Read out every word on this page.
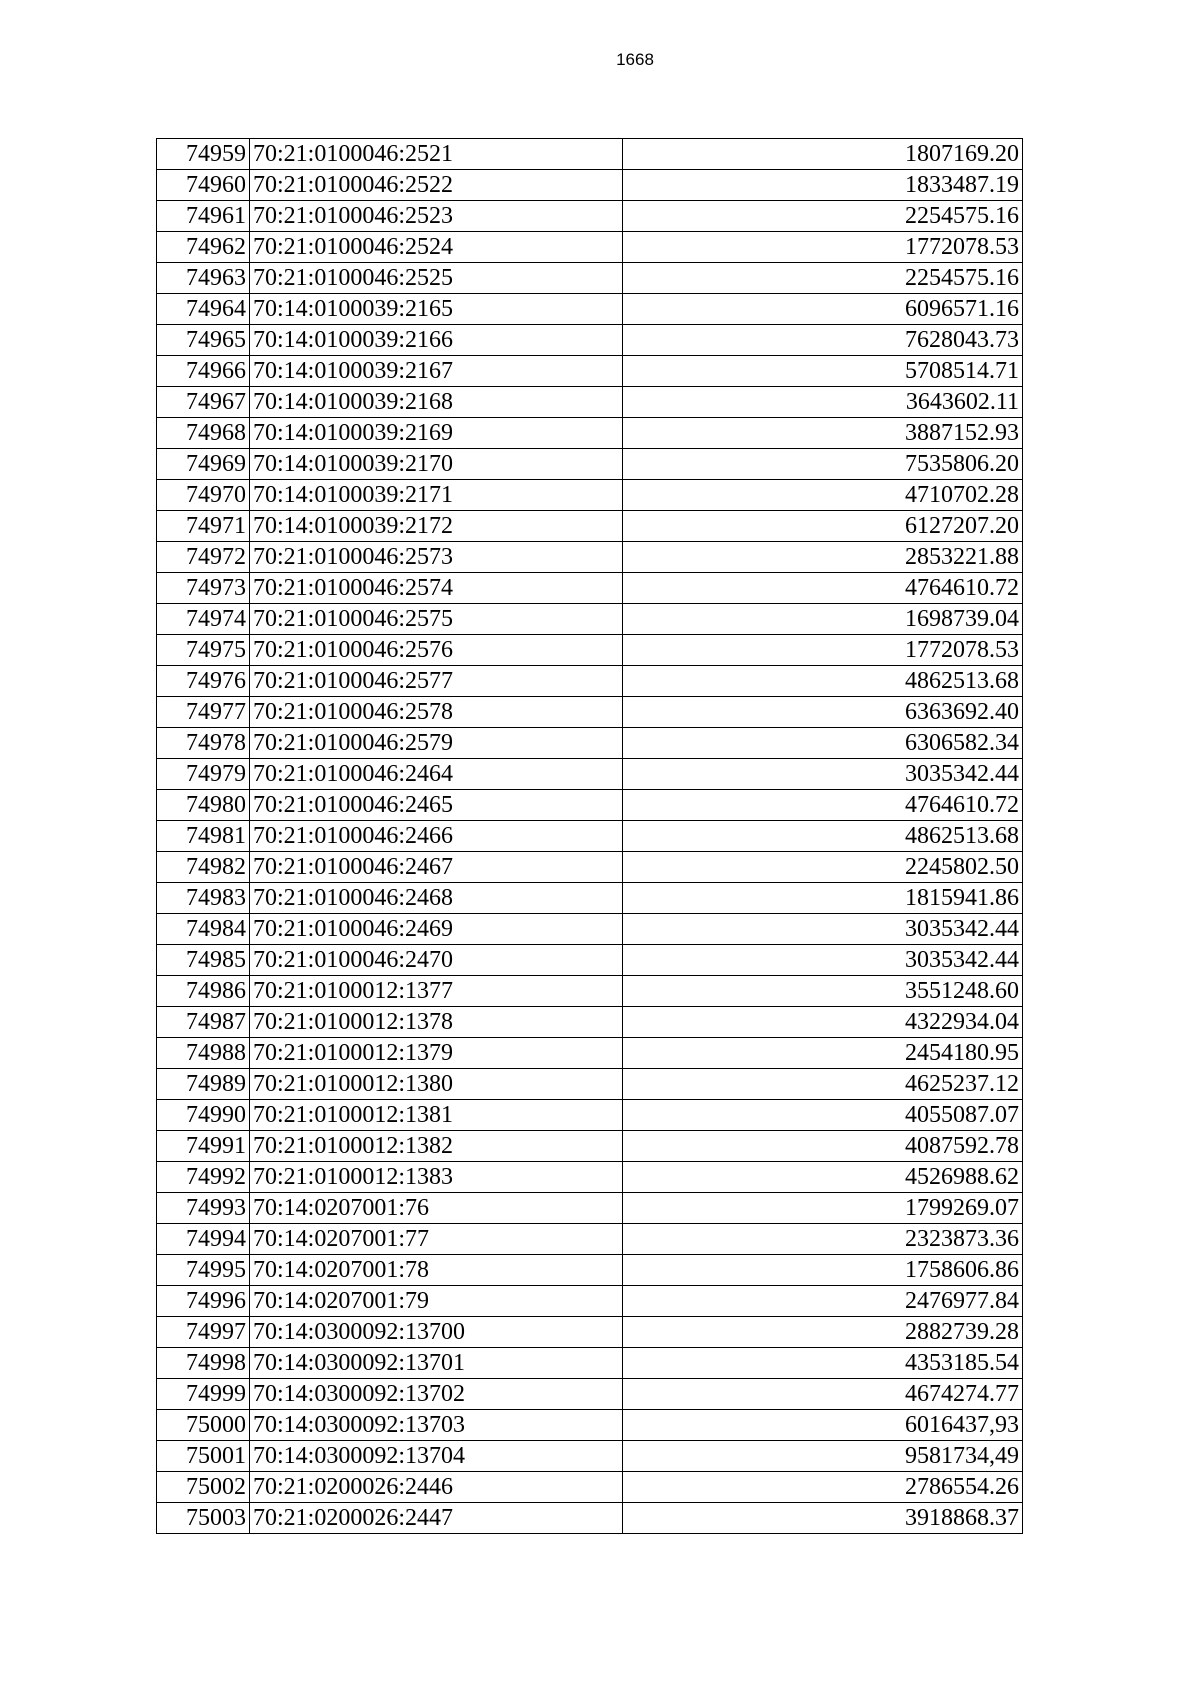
1668
74959	70:21:0100046:2521	1807169.20
74960	70:21:0100046:2522	1833487.19
74961	70:21:0100046:2523	2254575.16
74962	70:21:0100046:2524	1772078.53
74963	70:21:0100046:2525	2254575.16
74964	70:14:0100039:2165	6096571.16
74965	70:14:0100039:2166	7628043.73
74966	70:14:0100039:2167	5708514.71
74967	70:14:0100039:2168	3643602.11
74968	70:14:0100039:2169	3887152.93
74969	70:14:0100039:2170	7535806.20
74970	70:14:0100039:2171	4710702.28
74971	70:14:0100039:2172	6127207.20
74972	70:21:0100046:2573	2853221.88
74973	70:21:0100046:2574	4764610.72
74974	70:21:0100046:2575	1698739.04
74975	70:21:0100046:2576	1772078.53
74976	70:21:0100046:2577	4862513.68
74977	70:21:0100046:2578	6363692.40
74978	70:21:0100046:2579	6306582.34
74979	70:21:0100046:2464	3035342.44
74980	70:21:0100046:2465	4764610.72
74981	70:21:0100046:2466	4862513.68
74982	70:21:0100046:2467	2245802.50
74983	70:21:0100046:2468	1815941.86
74984	70:21:0100046:2469	3035342.44
74985	70:21:0100046:2470	3035342.44
74986	70:21:0100012:1377	3551248.60
74987	70:21:0100012:1378	4322934.04
74988	70:21:0100012:1379	2454180.95
74989	70:21:0100012:1380	4625237.12
74990	70:21:0100012:1381	4055087.07
74991	70:21:0100012:1382	4087592.78
74992	70:21:0100012:1383	4526988.62
74993	70:14:0207001:76	1799269.07
74994	70:14:0207001:77	2323873.36
74995	70:14:0207001:78	1758606.86
74996	70:14:0207001:79	2476977.84
74997	70:14:0300092:13700	2882739.28
74998	70:14:0300092:13701	4353185.54
74999	70:14:0300092:13702	4674274.77
75000	70:14:0300092:13703	6016437,93
75001	70:14:0300092:13704	9581734,49
75002	70:21:0200026:2446	2786554.26
75003	70:21:0200026:2447	3918868.37
